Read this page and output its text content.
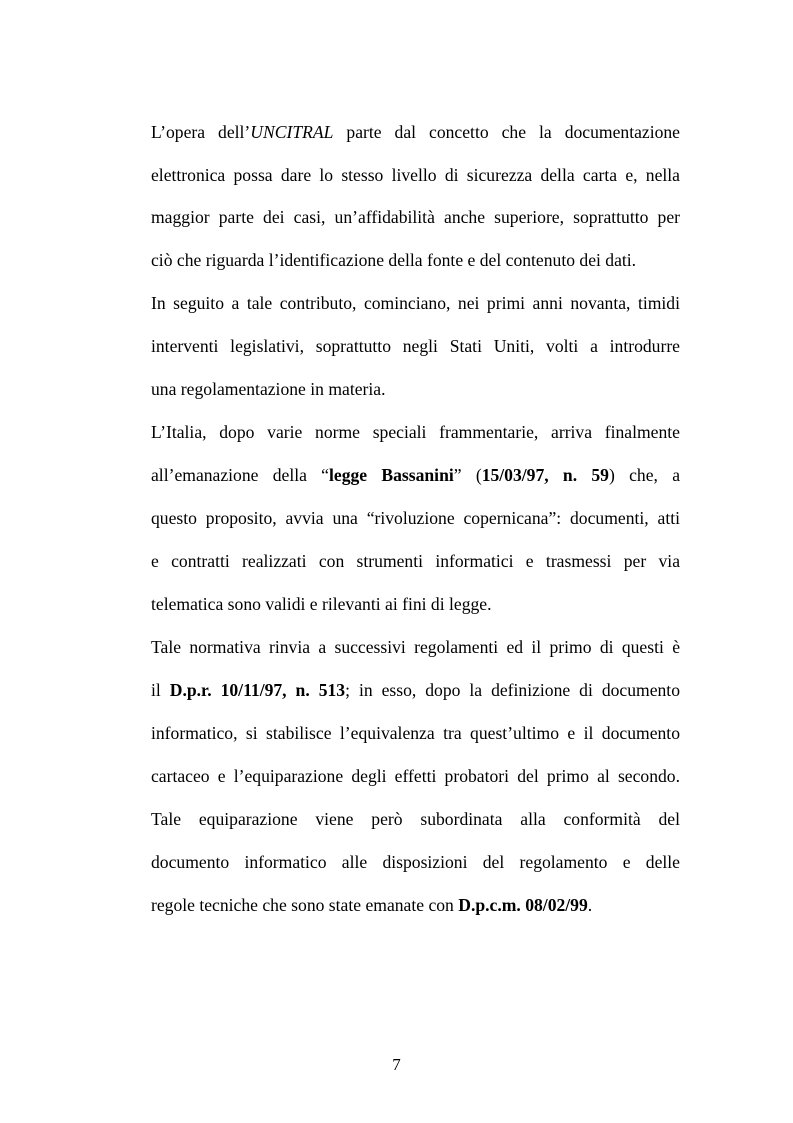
L’opera dell’UNCITRAL parte dal concetto che la documentazione
elettronica possa dare lo stesso livello di sicurezza della carta e, nella
maggior parte dei casi, un’affidabilità anche superiore, soprattutto per
ciò che riguarda l’identificazione della fonte e del contenuto dei dati.
In seguito a tale contributo, cominciano, nei primi anni novanta, timidi
interventi legislativi, soprattutto negli Stati Uniti, volti a introdurre
una regolamentazione in materia.
L’Italia, dopo varie norme speciali frammentarie, arriva finalmente
all’emanazione della “legge Bassanini” (15/03/97, n. 59) che, a
questo proposito, avvia una “rivoluzione copernicana”: documenti, atti
e contratti realizzati con strumenti informatici e trasmessi per via
telematica sono validi e rilevanti ai fini di legge.
Tale normativa rinvia a successivi regolamenti ed il primo di questi è
il D.p.r. 10/11/97, n. 513; in esso, dopo la definizione di documento
informatico, si stabilisce l’equivalenza tra quest’ultimo e il documento
cartaceo e l’equiparazione degli effetti probatori del primo al secondo.
Tale equiparazione viene però subordinata alla conformità del
documento informatico alle disposizioni del regolamento e delle
regole tecniche che sono state emanate con D.p.c.m. 08/02/99.
7
